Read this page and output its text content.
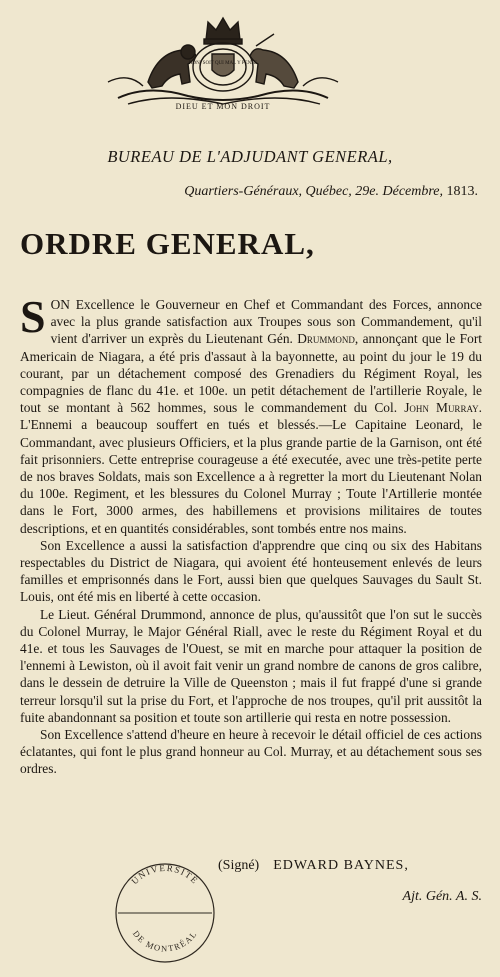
HONI SOIT QUI MAL Y PENSE
DIEU ET MON DROIT
BUREAU DE L'ADJUDANT GENERAL,
Quartiers-Généraux, Québec, 29e. Décembre, 1813.
ORDRE GENERAL,

SON Excellence le Gouverneur en Chef et Commandant des Forces, annonce avec la plus grande satisfaction aux Troupes sous son Commandement, qu'il vient d'arriver un exprès du Lieutenant Gén. Drummond, annonçant que le Fort Americain de Niagara, a été pris d'assaut à la bayonnette, au point du jour le 19 du courant, par un détachement composé des Grenadiers du Régiment Royal, les compagnies de flanc du 41e. et 100e. un petit détachement de l'artillerie Royale, le tout se montant à 562 hommes, sous le commandement du Col. John Murray. L'Ennemi a beaucoup souffert en tués et blessés.—Le Capitaine Leonard, le Commandant, avec plusieurs Officiers, et la plus grande partie de la Garnison, ont été fait prisonniers. Cette entreprise courageuse a été executée, avec une très-petite perte de nos braves Soldats, mais son Excellence a à regretter la mort du Lieutenant Nolan du 100e. Regiment, et les blessures du Colonel Murray ; Toute l'Artillerie montée dans le Fort, 3000 armes, des habillemens et provisions militaires de toutes descriptions, et en quantités considérables, sont tombés entre nos mains.

Son Excellence a aussi la satisfaction d'apprendre que cinq ou six des Habitans respectables du District de Niagara, qui avoient été honteusement enlevés de leurs familles et emprisonnés dans le Fort, aussi bien que quelques Sauvages du Sault St. Louis, ont été mis en liberté à cette occasion.

Le Lieut. Général Drummond, annonce de plus, qu'aussitôt que l'on sut le succès du Colonel Murray, le Major Général Riall, avec le reste du Régiment Royal et du 41e. et tous les Sauvages de l'Ouest, se mit en marche pour attaquer la position de l'ennemi à Lewiston, où il avoit fait venir un grand nombre de canons de gros calibre, dans le dessein de detruire la Ville de Queenston ; mais il fut frappé d'une si grande terreur lorsqu'il sut la prise du Fort, et l'approche de nos troupes, qu'il prit aussitôt la fuite abandonnant sa position et toute son artillerie qui resta en notre possession.

Son Excellence s'attend d'heure en heure à recevoir le détail officiel de ces actions éclatantes, qui font le plus grand honneur au Col. Murray, et au détachement sous ses ordres.

UNIVERSITÉ
DE MONTRÉAL
(Signé) EDWARD BAYNES,
Ajt. Gén. A. S.
